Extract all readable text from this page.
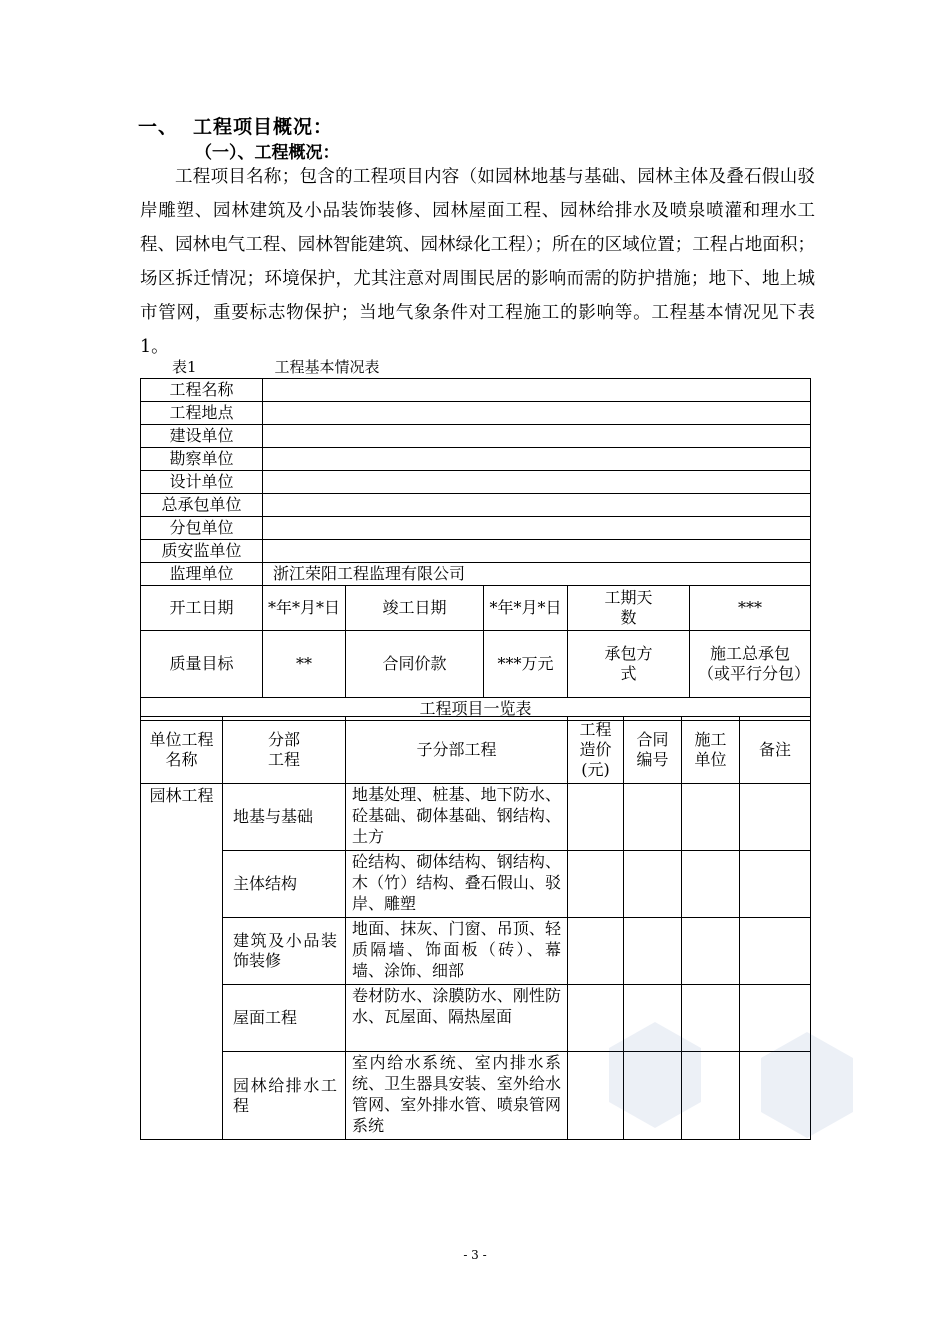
一、 工程项目概况：
（一）、工程概况：

工程项目名称；包含的工程项目内容（如园林地基与基础、园林主体及叠石假山驳岸雕塑、园林建筑及小品装饰装修、园林屋面工程、园林给排水及喷泉喷灌和理水工程、园林电气工程、园林智能建筑、园林绿化工程）；所在的区域位置；工程占地面积；场区拆迁情况；环境保护，尤其注意对周围民居的影响而需的防护措施；地下、地上城市管网，重要标志物保护；当地气象条件对工程施工的影响等。工程基本情况见下表1。

表1	工程基本情况表
工程名称					
工程地点					
建设单位					
勘察单位					
设计单位					
总承包单位					
分包单位					
质安监单位					
监理单位	浙江荣阳工程监理有限公司				
开工日期	*年*月*日	竣工日期	*年*月*日	工期天数	***
质量目标	**	合同价款	***万元	承包方式	施工总承包（或平行分包）
工程项目一览表					
单位工程名称	分部工程	子分部工程	工程造价(元)	合同编号	施工单位	备注
园林工程	地基与基础	地基处理、桩基、地下防水、砼基础、砌体基础、钢结构、土方				
	主体结构	砼结构、砌体结构、钢结构、木（竹）结构、叠石假山、驳岸、雕塑				
	建筑及小品装饰装修	地面、抹灰、门窗、吊顶、轻质隔墙、饰面板（砖）、幕墙、涂饰、细部				
	屋面工程	卷材防水、涂膜防水、刚性防水、瓦屋面、隔热屋面				
	园林给排水工程	室内给水系统、室内排水系统、卫生器具安装、室外给水管网、室外排水管、喷泉管网系统				
- 3 -
